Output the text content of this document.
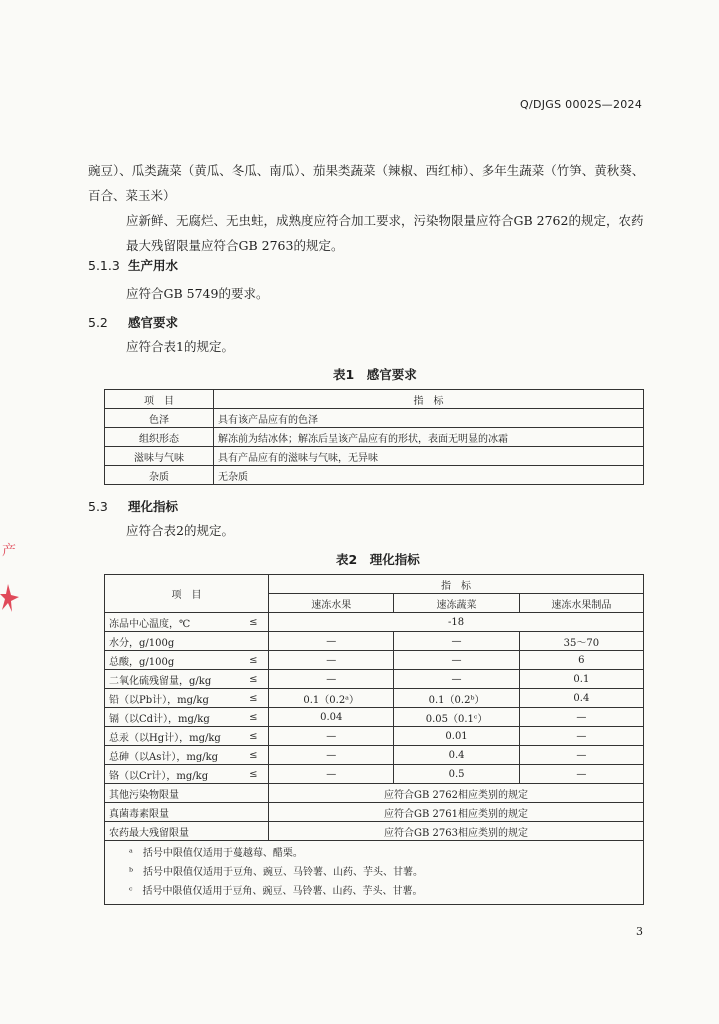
Q/DJGS 0002S—2024
豌豆）、瓜类蔬菜（黄瓜、冬瓜、南瓜）、茄果类蔬菜（辣椒、西红柿）、多年生蔬菜（竹笋、黄秋葵、百合、菜玉米）
应新鲜、无腐烂、无虫蛀，成熟度应符合加工要求，污染物限量应符合GB 2762的规定，农药最大残留限量应符合GB 2763的规定。
5.1.3 生产用水
应符合GB 5749的要求。
5.2 感官要求
应符合表1的规定。
表1　感官要求
项　目	指　标
色泽	具有该产品应有的色泽
组织形态	解冻前为结冰体；解冻后呈该产品应有的形状，表面无明显的冰霜
滋味与气味	具有产品应有的滋味与气味，无异味
杂质	无杂质
5.3 理化指标
应符合表2的规定。
表2　理化指标
项　目		指　标		
		速冻水果	速冻蔬菜	速冻水果制品
冻品中心温度，℃	≤	-18		
水分，g/100g		—	—	35～70
总酸，g/100g	≤	—	—	6
二氧化硫残留量，g/kg	≤	—	—	0.1
铅（以Pb计），mg/kg	≤	0.1（0.2ᵃ）	0.1（0.2ᵇ）	0.4
镉（以Cd计），mg/kg	≤	0.04	0.05（0.1ᶜ）	—
总汞（以Hg计），mg/kg	≤	—	0.01	—
总砷（以As计），mg/kg	≤	—	0.4	—
铬（以Cr计），mg/kg	≤	—	0.5	—
其他污染物限量		应符合GB 2762相应类别的规定		
真菌毒素限量		应符合GB 2761相应类别的规定		
农药最大残留限量		应符合GB 2763相应类别的规定		

ᵃ　括号中限值仅适用于蔓越莓、醋栗。
ᵇ　括号中限值仅适用于豆角、豌豆、马铃薯、山药、芋头、甘薯。
ᶜ　括号中限值仅适用于豆角、豌豆、马铃薯、山药、芋头、甘薯。				
3
产
